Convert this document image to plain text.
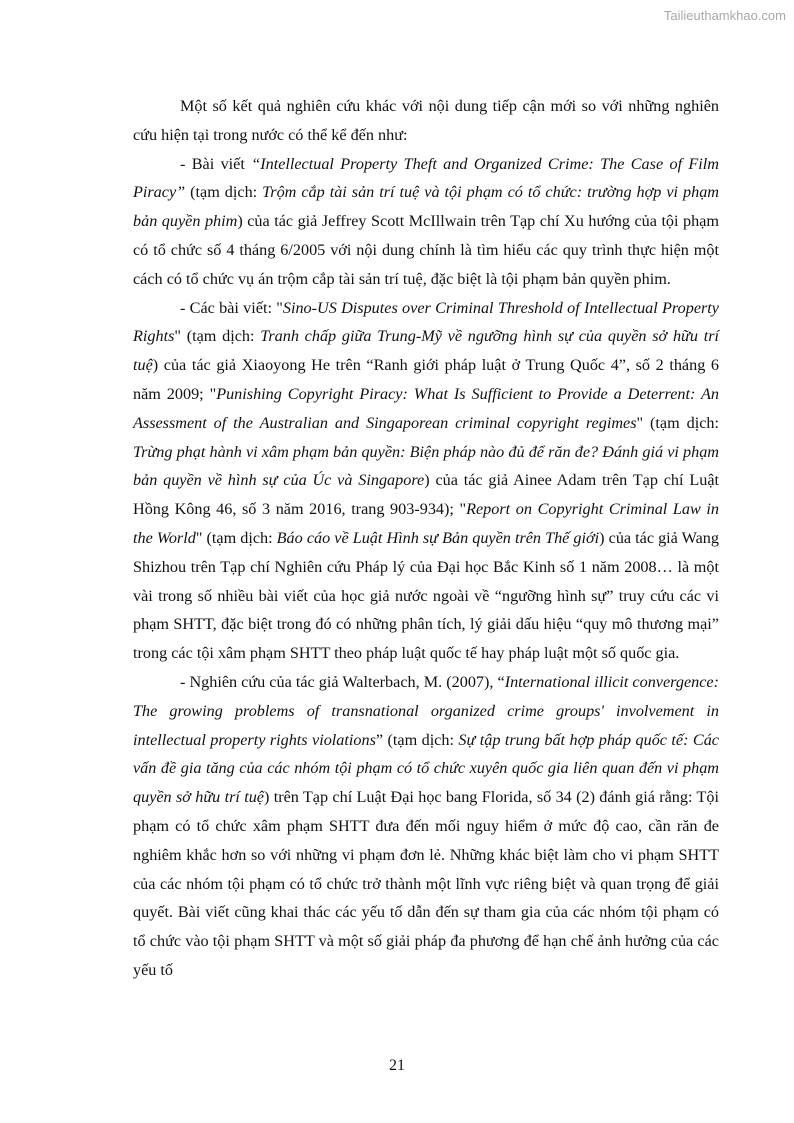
Tailieuthamkhao.com

Một số kết quả nghiên cứu khác với nội dung tiếp cận mới so với những nghiên cứu hiện tại trong nước có thể kể đến như:

- Bài viết “Intellectual Property Theft and Organized Crime: The Case of Film Piracy” (tạm dịch: Trộm cắp tài sản trí tuệ và tội phạm có tổ chức: trường hợp vi phạm bản quyền phim) của tác giả Jeffrey Scott McIllwain trên Tạp chí Xu hướng của tội phạm có tổ chức số 4 tháng 6/2005 với nội dung chính là tìm hiểu các quy trình thực hiện một cách có tổ chức vụ án trộm cắp tài sản trí tuệ, đặc biệt là tội phạm bản quyền phim.

- Các bài viết: "Sino-US Disputes over Criminal Threshold of Intellectual Property Rights" (tạm dịch: Tranh chấp giữa Trung-Mỹ về ngưỡng hình sự của quyền sở hữu trí tuệ) của tác giả Xiaoyong He trên “Ranh giới pháp luật ở Trung Quốc 4”, số 2 tháng 6 năm 2009; "Punishing Copyright Piracy: What Is Sufficient to Provide a Deterrent: An Assessment of the Australian and Singaporean criminal copyright regimes" (tạm dịch: Trừng phạt hành vi xâm phạm bản quyền: Biện pháp nào đủ để răn đe? Đánh giá vi phạm bản quyền về hình sự của Úc và Singapore) của tác giả Ainee Adam trên Tạp chí Luật Hồng Kông 46, số 3 năm 2016, trang 903-934); "Report on Copyright Criminal Law in the World" (tạm dịch: Báo cáo về Luật Hình sự Bản quyền trên Thế giới) của tác giả Wang Shizhou trên Tạp chí Nghiên cứu Pháp lý của Đại học Bắc Kinh số 1 năm 2008… là một vài trong số nhiều bài viết của học giả nước ngoài về “ngưỡng hình sự” truy cứu các vi phạm SHTT, đặc biệt trong đó có những phân tích, lý giải dấu hiệu “quy mô thương mại” trong các tội xâm phạm SHTT theo pháp luật quốc tế hay pháp luật một số quốc gia.

- Nghiên cứu của tác giả Walterbach, M. (2007), “International illicit convergence: The growing problems of transnational organized crime groups' involvement in intellectual property rights violations” (tạm dịch: Sự tập trung bất hợp pháp quốc tế: Các vấn đề gia tăng của các nhóm tội phạm có tổ chức xuyên quốc gia liên quan đến vi phạm quyền sở hữu trí tuệ) trên Tạp chí Luật Đại học bang Florida, số 34 (2) đánh giá rằng: Tội phạm có tổ chức xâm phạm SHTT đưa đến mối nguy hiểm ở mức độ cao, cần răn đe nghiêm khắc hơn so với những vi phạm đơn lẻ. Những khác biệt làm cho vi phạm SHTT của các nhóm tội phạm có tổ chức trở thành một lĩnh vực riêng biệt và quan trọng để giải quyết. Bài viết cũng khai thác các yếu tố dẫn đến sự tham gia của các nhóm tội phạm có tổ chức vào tội phạm SHTT và một số giải pháp đa phương để hạn chế ảnh hưởng của các yếu tố

21
